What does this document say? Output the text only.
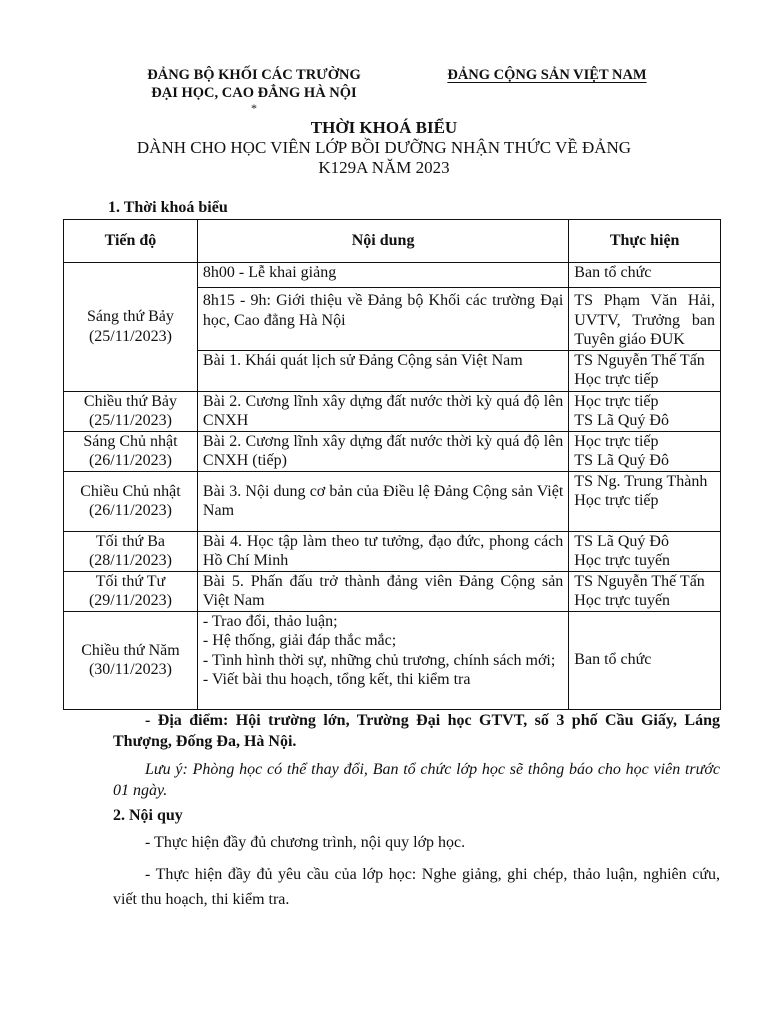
ĐẢNG BỘ KHỐI CÁC TRƯỜNG
ĐẠI HỌC, CAO ĐẲNG HÀ NỘI
*
ĐẢNG CỘNG SẢN VIỆT NAM
THỜI KHOÁ BIỂU
DÀNH CHO HỌC VIÊN LỚP BỒI DƯỠNG NHẬN THỨC VỀ ĐẢNG
K129A NĂM 2023
1. Thời khoá biểu
Tiến độ	Nội dung	Thực hiện

Sáng thứ Bảy
(25/11/2023)	8h00 - Lễ khai giảng	Ban tổ chức

	8h15 - 9h: Giới thiệu về Đảng bộ Khối các trường Đại học, Cao đẳng Hà Nội	TS Phạm Văn Hải, UVTV, Trưởng ban Tuyên giáo ĐUK
	Bài 1. Khái quát lịch sử Đảng Cộng sản Việt Nam	TS Nguyễn Thế Tấn
Học trực tiếp

Chiều thứ Bảy
(25/11/2023)	Bài 2. Cương lĩnh xây dựng đất nước thời kỳ quá độ lên CNXH	Học trực tiếp
TS Lã Quý Đô

Sáng Chủ nhật
(26/11/2023)	Bài 2. Cương lĩnh xây dựng đất nước thời kỳ quá độ lên CNXH (tiếp)	Học trực tiếp
TS Lã Quý Đô

Chiều Chủ nhật
(26/11/2023)	Bài 3. Nội dung cơ bản của Điều lệ Đảng Cộng sản Việt Nam	TS Ng. Trung Thành
Học trực tiếp

Tối thứ Ba
(28/11/2023)	Bài 4. Học tập làm theo tư tưởng, đạo đức, phong cách Hồ Chí Minh	TS Lã Quý Đô
Học trực tuyến

Tối thứ Tư
(29/11/2023)	Bài 5. Phấn đấu trở thành đảng viên Đảng Cộng sản Việt Nam	TS Nguyễn Thế Tấn
Học trực tuyến

Chiều thứ Năm
(30/11/2023)	- Trao đổi, thảo luận;
- Hệ thống, giải đáp thắc mắc;
- Tình hình thời sự, những chủ trương, chính sách mới;
- Viết bài thu hoạch, tổng kết, thi kiểm tra	Ban tổ chức
- Địa điểm: Hội trường lớn, Trường Đại học GTVT, số 3 phố Cầu Giấy, Láng Thượng, Đống Đa, Hà Nội.
Lưu ý: Phòng học có thể thay đổi, Ban tổ chức lớp học sẽ thông báo cho học viên trước 01 ngày.
2. Nội quy
- Thực hiện đầy đủ chương trình, nội quy lớp học.
- Thực hiện đầy đủ yêu cầu của lớp học: Nghe giảng, ghi chép, thảo luận, nghiên cứu, viết thu hoạch, thi kiểm tra.
